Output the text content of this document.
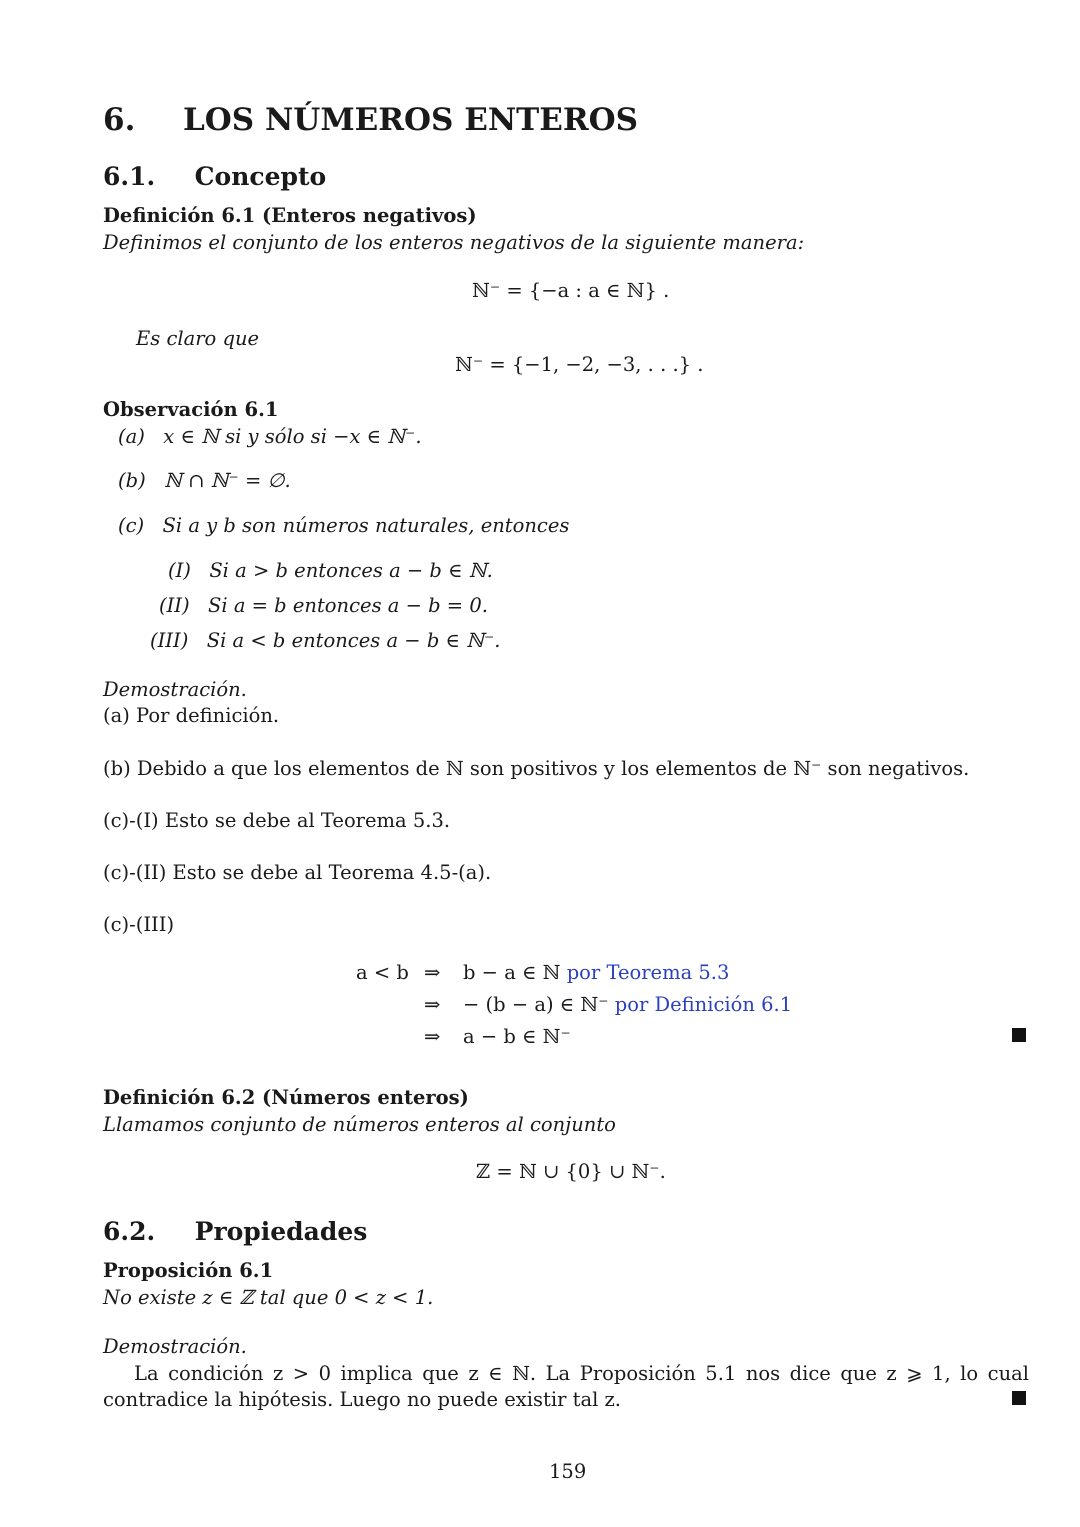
6. LOS NÚMEROS ENTEROS
6.1. Concepto
Definición 6.1 (Enteros negativos)
Definimos el conjunto de los enteros negativos de la siguiente manera:
ℕ⁻ = {−a : a ∈ ℕ} .
Es claro que
ℕ⁻ = {−1, −2, −3, . . .} .
Observación 6.1
(a) x ∈ ℕ si y sólo si −x ∈ ℕ⁻.
(b) ℕ ∩ ℕ⁻ = ∅.
(c) Si a y b son números naturales, entonces
(I) Si a > b entonces a − b ∈ ℕ.
(II) Si a = b entonces a − b = 0.
(III) Si a < b entonces a − b ∈ ℕ⁻.
Demostración.
(a) Por definición.
(b) Debido a que los elementos de ℕ son positivos y los elementos de ℕ⁻ son negativos.
(c)-(I) Esto se debe al Teorema 5.3.
(c)-(II) Esto se debe al Teorema 4.5-(a).
(c)-(III)
a < b ⇒ b − a ∈ ℕ por Teorema 5.3
⇒ − (b − a) ∈ ℕ⁻ por Definición 6.1
⇒ a − b ∈ ℕ⁻
Definición 6.2 (Números enteros)
Llamamos conjunto de números enteros al conjunto
ℤ = ℕ ∪ {0} ∪ ℕ⁻.
6.2. Propiedades
Proposición 6.1
No existe z ∈ ℤ tal que 0 < z < 1.
Demostración.
La condición z > 0 implica que z ∈ ℕ. La Proposición 5.1 nos dice que z ⩾ 1, lo cual contradice la hipótesis. Luego no puede existir tal z.
159
